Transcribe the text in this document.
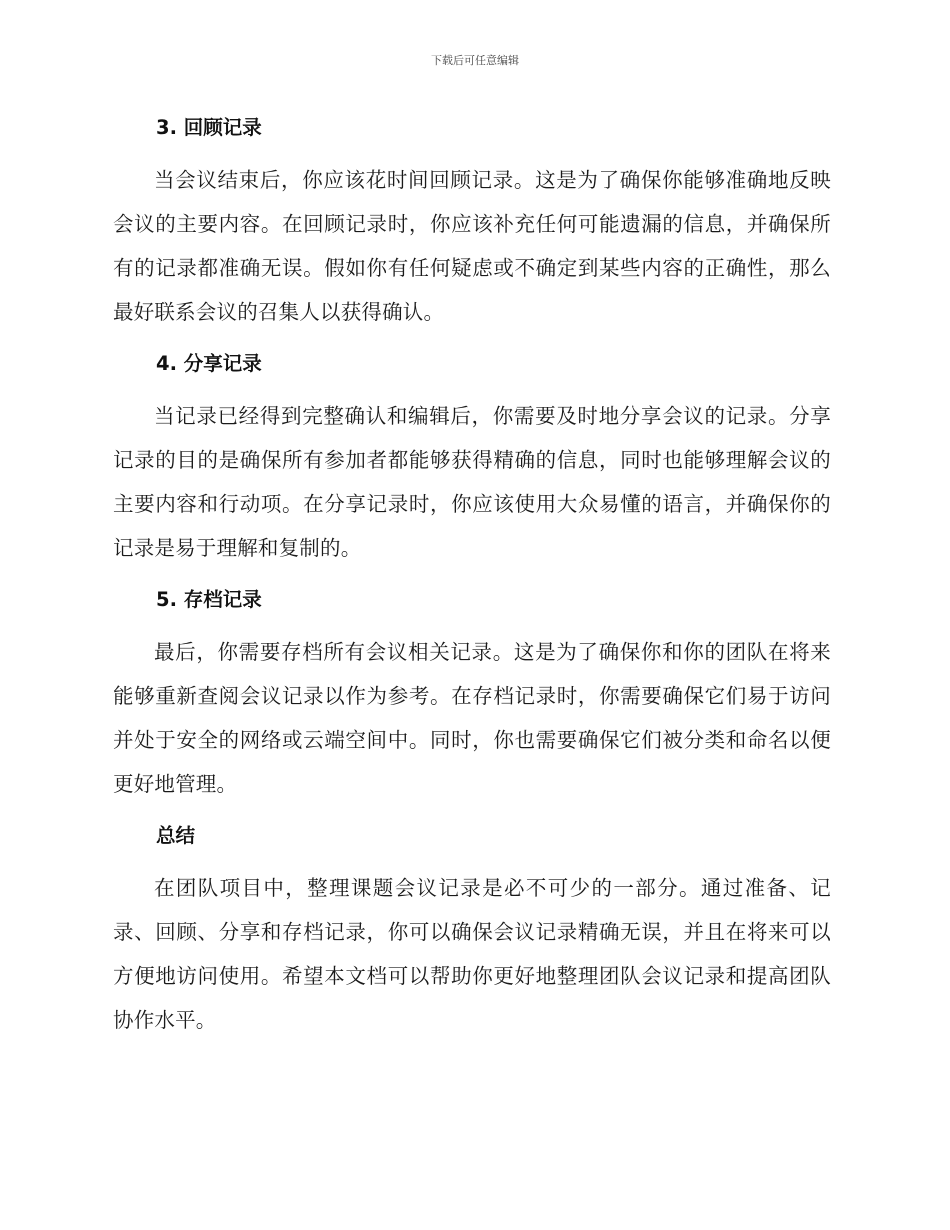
下载后可任意编辑
3. 回顾记录

当会议结束后，你应该花时间回顾记录。这是为了确保你能够准确地反映会议的主要内容。在回顾记录时，你应该补充任何可能遗漏的信息，并确保所有的记录都准确无误。假如你有任何疑虑或不确定到某些内容的正确性，那么最好联系会议的召集人以获得确认。

4. 分享记录

当记录已经得到完整确认和编辑后，你需要及时地分享会议的记录。分享记录的目的是确保所有参加者都能够获得精确的信息，同时也能够理解会议的主要内容和行动项。在分享记录时，你应该使用大众易懂的语言，并确保你的记录是易于理解和复制的。

5. 存档记录

最后，你需要存档所有会议相关记录。这是为了确保你和你的团队在将来能够重新查阅会议记录以作为参考。在存档记录时，你需要确保它们易于访问并处于安全的网络或云端空间中。同时，你也需要确保它们被分类和命名以便更好地管理。

总结

在团队项目中，整理课题会议记录是必不可少的一部分。通过准备、记录、回顾、分享和存档记录，你可以确保会议记录精确无误，并且在将来可以方便地访问使用。希望本文档可以帮助你更好地整理团队会议记录和提高团队协作水平。
